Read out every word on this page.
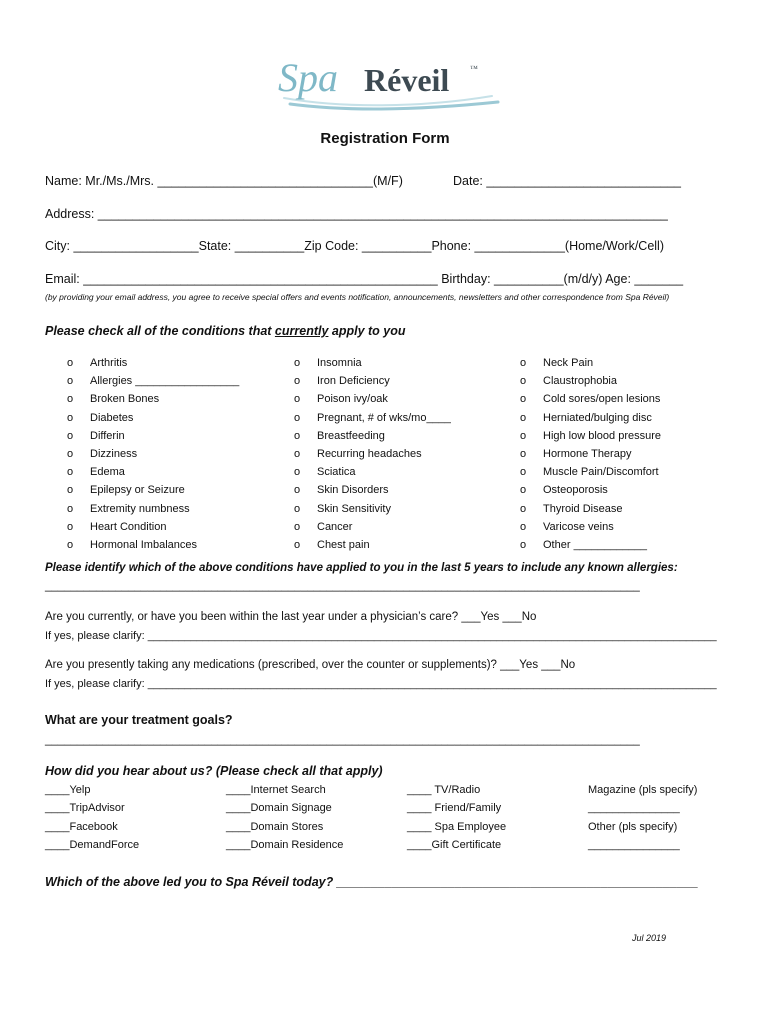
Spa Réveil	™
Registration Form
Name: Mr./Ms./Mrs. _______________________________(M/F)	Date: ____________________________
Address: __________________________________________________________________________________
City: __________________State: __________Zip Code: __________Phone: _____________(Home/Work/Cell)
Email: ___________________________________________________ Birthday: __________(m/d/y) Age: _______
(by providing your email address, you agree to receive special offers and events notification, announcements, newsletters and other correspondence from Spa Réveil)
Please check all of the conditions that currently apply to you
o Arthritis
o Allergies _________________
o Broken Bones
o Diabetes
o Differin
o Dizziness
o Edema
o Epilepsy or Seizure
o Extremity numbness
o Heart Condition
o Hormonal Imbalances
o Insomnia
o Iron Deficiency
o Poison ivy/oak
o Pregnant, # of wks/mo____
o Breastfeeding
o Recurring headaches
o Sciatica
o Skin Disorders
o Skin Sensitivity
o Cancer
o Chest pain
o Neck Pain
o Claustrophobia
o Cold sores/open lesions
o Herniated/bulging disc
o High low blood pressure
o Hormone Therapy
o Muscle Pain/Discomfort
o Osteoporosis
o Thyroid Disease
o Varicose veins
o Other ____________
Please identify which of the above conditions have applied to you in the last 5 years to include any known allergies:
_____________________________________________________________________________________________
Are you currently, or have you been within the last year under a physician’s care? ___Yes ___No
If yes, please clarify: _____________________________________________________________________________________________
Are you presently taking any medications (prescribed, over the counter or supplements)? ___Yes ___No
If yes, please clarify: _____________________________________________________________________________________________
What are your treatment goals?
_____________________________________________________________________________________________
How did you hear about us? (Please check all that apply)
____Yelp
____TripAdvisor
____Facebook
____DemandForce
____Internet Search
____Domain Signage
____Domain Stores
____Domain Residence
____ TV/Radio
____ Friend/Family
____ Spa Employee
____Gift Certificate
Magazine (pls specify)
_______________
Other (pls specify)
_______________
Which of the above led you to Spa Réveil today? ____________________________________________________
Jul 2019
